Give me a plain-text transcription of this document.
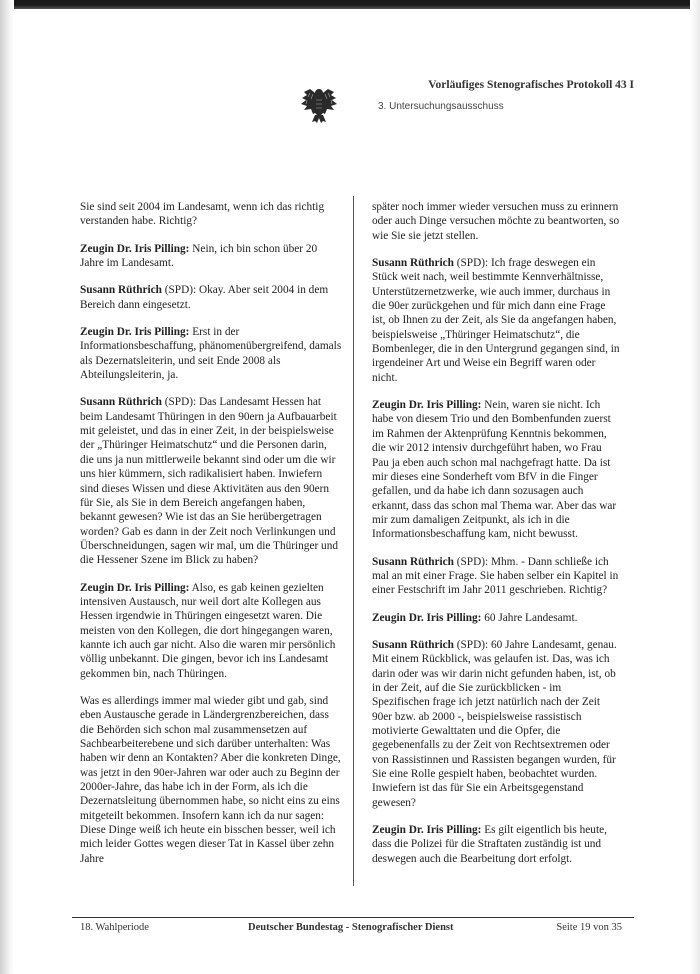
Vorläufiges Stenografisches Protokoll 43 I
3. Untersuchungsausschuss

Sie sind seit 2004 im Landesamt, wenn ich das richtig verstanden habe. Richtig?

Zeugin Dr. Iris Pilling: Nein, ich bin schon über 20 Jahre im Landesamt.

Susann Rüthrich (SPD): Okay. Aber seit 2004 in dem Bereich dann eingesetzt.

Zeugin Dr. Iris Pilling: Erst in der Informationsbeschaffung, phänomenübergreifend, damals als Dezernatsleiterin, und seit Ende 2008 als Abteilungsleiterin, ja.

Susann Rüthrich (SPD): Das Landesamt Hessen hat beim Landesamt Thüringen in den 90ern ja Aufbauarbeit mit geleistet, und das in einer Zeit, in der beispielsweise der „Thüringer Heimatschutz“ und die Personen darin, die uns ja nun mittlerweile bekannt sind oder um die wir uns hier kümmern, sich radikalisiert haben. Inwiefern sind dieses Wissen und diese Aktivitäten aus den 90ern für Sie, als Sie in dem Bereich angefangen haben, bekannt gewesen? Wie ist das an Sie herübergetragen worden? Gab es dann in der Zeit noch Verlinkungen und Überschneidungen, sagen wir mal, um die Thüringer und die Hessener Szene im Blick zu haben?

Zeugin Dr. Iris Pilling: Also, es gab keinen gezielten intensiven Austausch, nur weil dort alte Kollegen aus Hessen irgendwie in Thüringen eingesetzt waren. Die meisten von den Kollegen, die dort hingegangen waren, kannte ich auch gar nicht. Also die waren mir persönlich völlig unbekannt. Die gingen, bevor ich ins Landesamt gekommen bin, nach Thüringen.

Was es allerdings immer mal wieder gibt und gab, sind eben Austausche gerade in Ländergrenzbereichen, dass die Behörden sich schon mal zusammensetzen auf Sachbearbeiterebene und sich darüber unterhalten: Was haben wir denn an Kontakten? Aber die konkreten Dinge, was jetzt in den 90er-Jahren war oder auch zu Beginn der 2000er-Jahre, das habe ich in der Form, als ich die Dezernatsleitung übernommen habe, so nicht eins zu eins mitgeteilt bekommen. Insofern kann ich da nur sagen: Diese Dinge weiß ich heute ein bisschen besser, weil ich mich leider Gottes wegen dieser Tat in Kassel über zehn Jahre

später noch immer wieder versuchen muss zu erinnern oder auch Dinge versuchen möchte zu beantworten, so wie Sie sie jetzt stellen.

Susann Rüthrich (SPD): Ich frage deswegen ein Stück weit nach, weil bestimmte Kennverhältnisse, Unterstützernetzwerke, wie auch immer, durchaus in die 90er zurückgehen und für mich dann eine Frage ist, ob Ihnen zu der Zeit, als Sie da angefangen haben, beispielsweise „Thüringer Heimatschutz“, die Bombenleger, die in den Untergrund gegangen sind, in irgendeiner Art und Weise ein Begriff waren oder nicht.

Zeugin Dr. Iris Pilling: Nein, waren sie nicht. Ich habe von diesem Trio und den Bombenfunden zuerst im Rahmen der Aktenprüfung Kenntnis bekommen, die wir 2012 intensiv durchgeführt haben, wo Frau Pau ja eben auch schon mal nachgefragt hatte. Da ist mir dieses eine Sonderheft vom BfV in die Finger gefallen, und da habe ich dann sozusagen auch erkannt, dass das schon mal Thema war. Aber das war mir zum damaligen Zeitpunkt, als ich in die Informationsbeschaffung kam, nicht bewusst.

Susann Rüthrich (SPD): Mhm. - Dann schließe ich mal an mit einer Frage. Sie haben selber ein Kapitel in einer Festschrift im Jahr 2011 geschrieben. Richtig?

Zeugin Dr. Iris Pilling: 60 Jahre Landesamt.

Susann Rüthrich (SPD): 60 Jahre Landesamt, genau. Mit einem Rückblick, was gelaufen ist. Das, was ich darin oder was wir darin nicht gefunden haben, ist, ob in der Zeit, auf die Sie zurückblicken - im Spezifischen frage ich jetzt natürlich nach der Zeit 90er bzw. ab 2000 -, beispielsweise rassistisch motivierte Gewalttaten und die Opfer, die gegebenenfalls zu der Zeit von Rechtsextremen oder von Rassistinnen und Rassisten begangen wurden, für Sie eine Rolle gespielt haben, beobachtet wurden. Inwiefern ist das für Sie ein Arbeitsgegenstand gewesen?

Zeugin Dr. Iris Pilling: Es gilt eigentlich bis heute, dass die Polizei für die Straftaten zuständig ist und deswegen auch die Bearbeitung dort erfolgt.

18. Wahlperiode	Deutscher Bundestag - Stenografischer Dienst	Seite 19 von 35
